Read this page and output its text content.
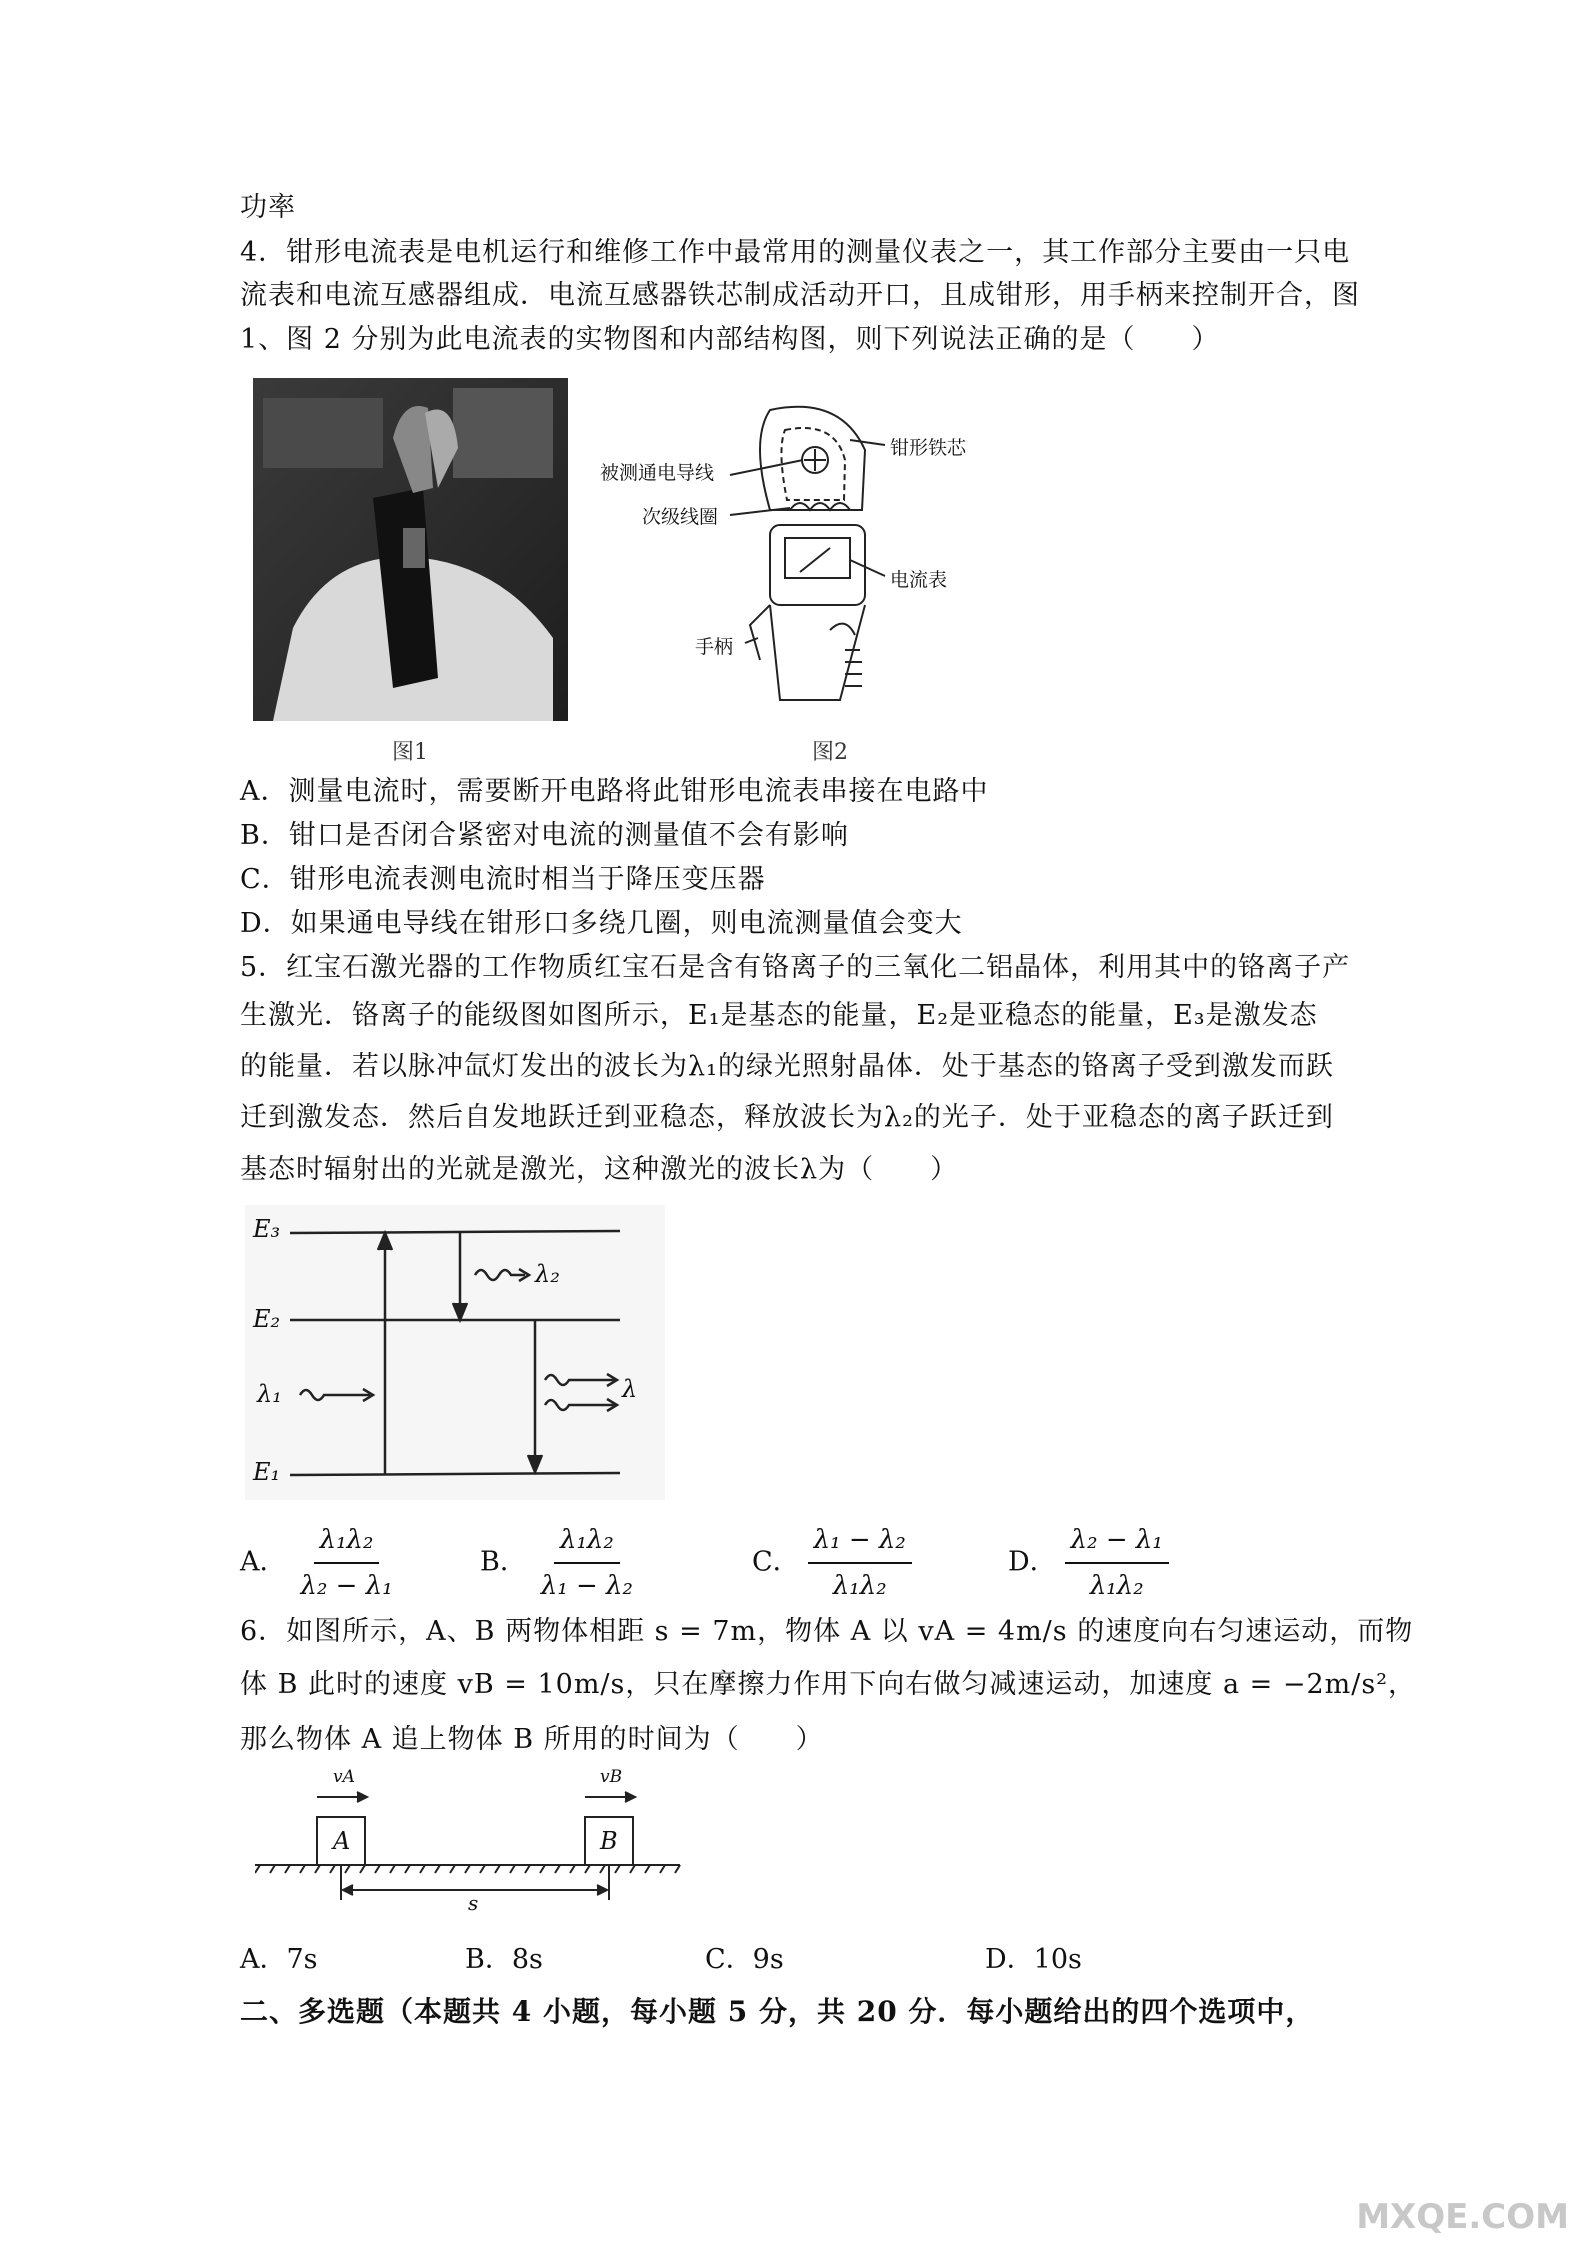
功率
4．钳形电流表是电机运行和维修工作中最常用的测量仪表之一，其工作部分主要由一只电
流表和电流互感器组成．电流互感器铁芯制成活动开口，且成钳形，用手柄来控制开合，图
1、图 2 分别为此电流表的实物图和内部结构图，则下列说法正确的是（　　）
图1
被测通电导线
钳形铁芯
次级线圈
电流表
手柄
图2
A．测量电流时，需要断开电路将此钳形电流表串接在电路中
B．钳口是否闭合紧密对电流的测量值不会有影响
C．钳形电流表测电流时相当于降压变压器
D．如果通电导线在钳形口多绕几圈，则电流测量值会变大
5．红宝石激光器的工作物质红宝石是含有铬离子的三氧化二铝晶体，利用其中的铬离子产
生激光．铬离子的能级图如图所示，E₁是基态的能量，E₂是亚稳态的能量，E₃是激发态
的能量．若以脉冲氙灯发出的波长为λ₁的绿光照射晶体．处于基态的铬离子受到激发而跃
迁到激发态．然后自发地跃迁到亚稳态，释放波长为λ₂的光子．处于亚稳态的离子跃迁到
基态时辐射出的光就是激光，这种激光的波长λ为（　　）
E₃
E₂
E₁
λ₁
λ₂
λ
A． $\frac{\text{λ₁λ₂}}{\text{λ₂ − λ₁}}$	B． $\frac{\text{λ₁λ₂}}{\text{λ₁ − λ₂}}$	C． $\frac{\text{λ₁ − λ₂}}{\text{λ₁λ₂}}$	D． $\frac{\text{λ₂ − λ₁}}{\text{λ₁λ₂}}$
6．如图所示，A、B 两物体相距 s = 7m，物体 A 以 vA = 4m/s 的速度向右匀速运动，而物
体 B 此时的速度 vB = 10m/s，只在摩擦力作用下向右做匀减速运动，加速度 a = −2m/s²，
那么物体 A 追上物体 B 所用的时间为（　　）
A	B
vA	vB
s
A．7s	B．8s	C．9s	D．10s
二、多选题（本题共 4 小题，每小题 5 分，共 20 分．每小题给出的四个选项中，
MXQE.COM
